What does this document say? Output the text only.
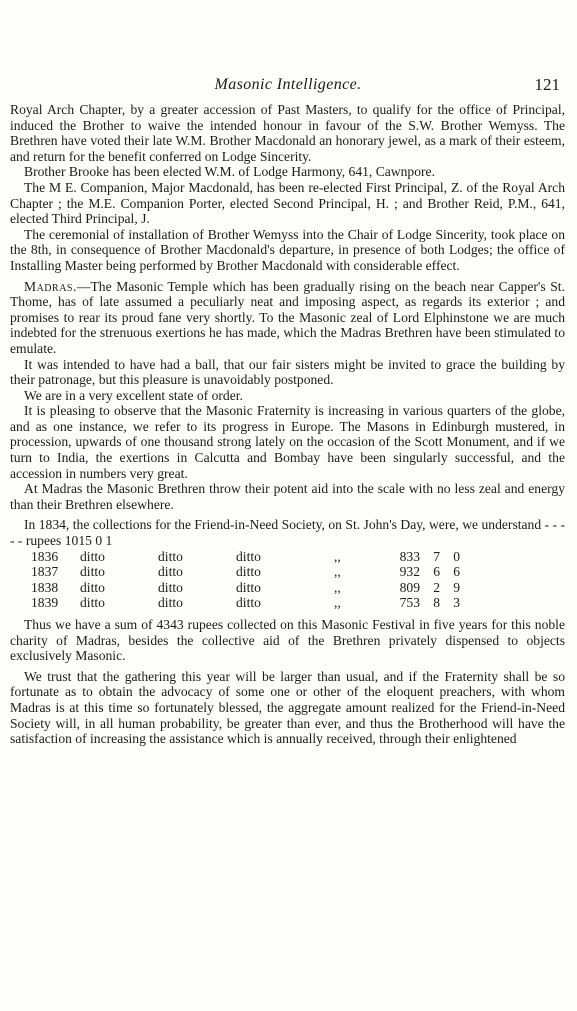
Masonic Intelligence.	121

Royal Arch Chapter, by a greater accession of Past Masters, to qualify for the office of Principal, induced the Brother to waive the intended honour in favour of the S.W. Brother Wemyss. The Brethren have voted their late W.M. Brother Macdonald an honorary jewel, as a mark of their esteem, and return for the benefit conferred on Lodge Sincerity.

Brother Brooke has been elected W.M. of Lodge Harmony, 641, Cawnpore.

The M E. Companion, Major Macdonald, has been re-elected First Principal, Z. of the Royal Arch Chapter ; the M.E. Companion Porter, elected Second Principal, H. ; and Brother Reid, P.M., 641, elected Third Principal, J.

The ceremonial of installation of Brother Wemyss into the Chair of Lodge Sincerity, took place on the 8th, in consequence of Brother Macdonald's departure, in presence of both Lodges; the office of Installing Master being performed by Brother Macdonald with considerable effect.

Madras.—The Masonic Temple which has been gradually rising on the beach near Capper's St. Thome, has of late assumed a peculiarly neat and imposing aspect, as regards its exterior ; and promises to rear its proud fane very shortly. To the Masonic zeal of Lord Elphinstone we are much indebted for the strenuous exertions he has made, which the Madras Brethren have been stimulated to emulate.

It was intended to have had a ball, that our fair sisters might be invited to grace the building by their patronage, but this pleasure is unavoidably postponed.

We are in a very excellent state of order.

It is pleasing to observe that the Masonic Fraternity is increasing in various quarters of the globe, and as one instance, we refer to its progress in Europe. The Masons in Edinburgh mustered, in procession, upwards of one thousand strong lately on the occasion of the Scott Monument, and if we turn to India, the exertions in Calcutta and Bombay have been singularly successful, and the accession in numbers very great.

At Madras the Masonic Brethren throw their potent aid into the scale with no less zeal and energy than their Brethren elsewhere.

In 1834, the collections for the Friend-in-Need Society, on St. John's Day, were, we understand - - - - - rupees 1015 0 1

1836	ditto	ditto	ditto	,,	833	7	0
1837	ditto	ditto	ditto	,,	932	6	6
1838	ditto	ditto	ditto	,,	809	2	9
1839	ditto	ditto	ditto	,,	753	8	3

Thus we have a sum of 4343 rupees collected on this Masonic Festival in five years for this noble charity of Madras, besides the collective aid of the Brethren privately dispensed to objects exclusively Masonic.

We trust that the gathering this year will be larger than usual, and if the Fraternity shall be so fortunate as to obtain the advocacy of some one or other of the eloquent preachers, with whom Madras is at this time so fortunately blessed, the aggregate amount realized for the Friend-in-Need Society will, in all human probability, be greater than ever, and thus the Brotherhood will have the satisfaction of increasing the assistance which is annually received, through their enlightened
